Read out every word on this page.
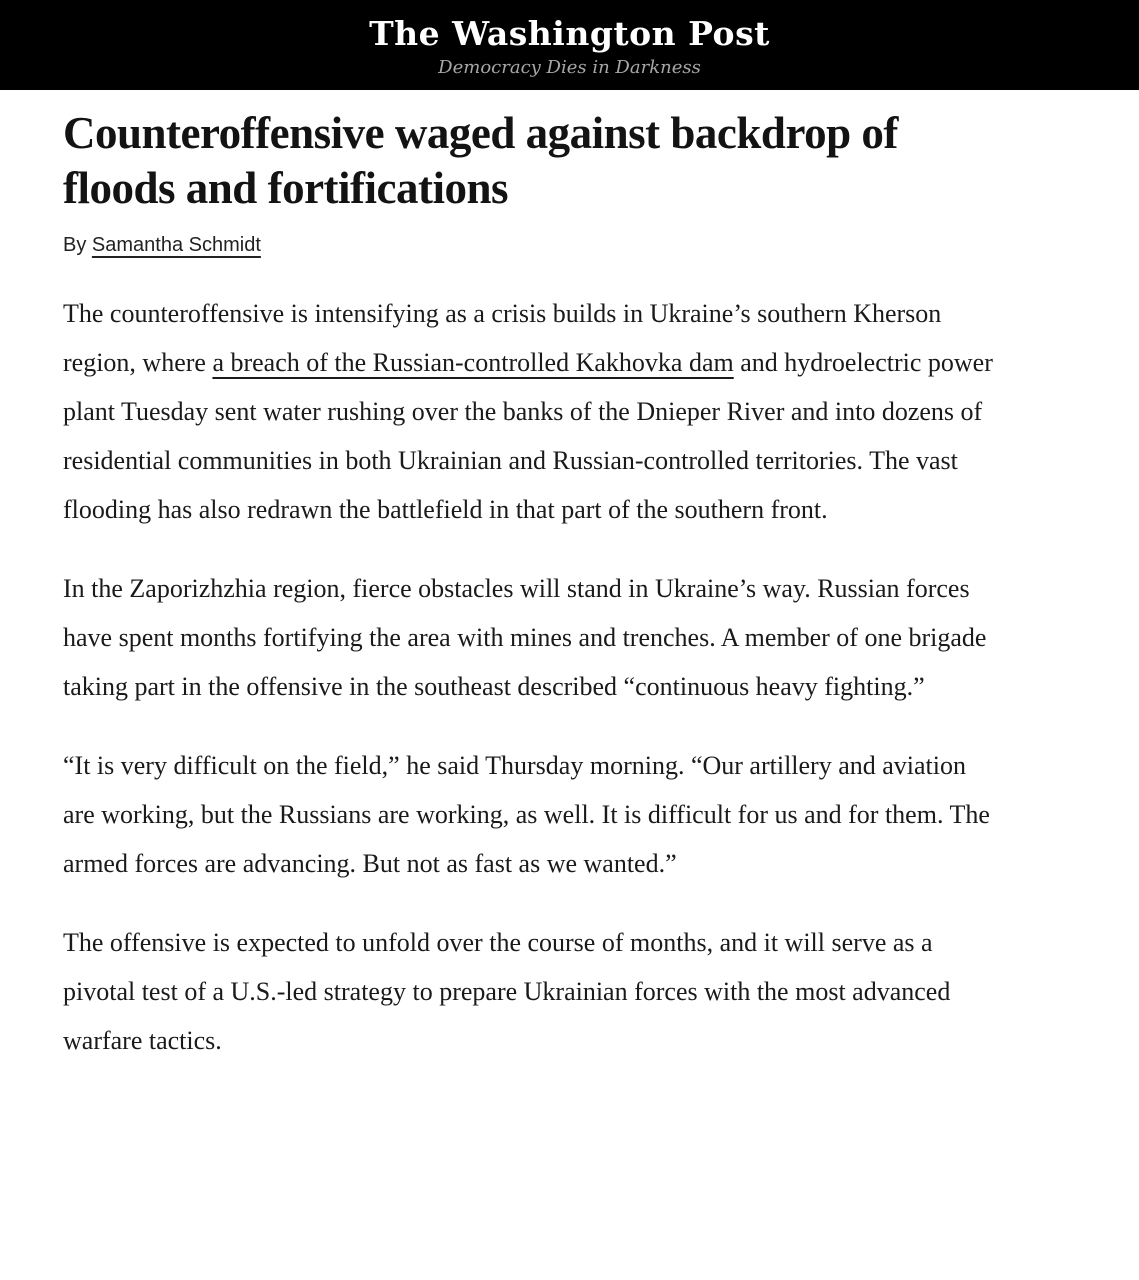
The Washington Post
Democracy Dies in Darkness
Counteroffensive waged against backdrop of
floods and fortifications
By Samantha Schmidt

The counteroffensive is intensifying as a crisis builds in Ukraine’s southern Kherson region, where a breach of the Russian-controlled Kakhovka dam and hydroelectric power plant Tuesday sent water rushing over the banks of the Dnieper River and into dozens of residential communities in both Ukrainian and Russian-controlled territories. The vast flooding has also redrawn the battlefield in that part of the southern front.

In the Zaporizhzhia region, fierce obstacles will stand in Ukraine’s way. Russian forces have spent months fortifying the area with mines and trenches. A member of one brigade taking part in the offensive in the southeast described “continuous heavy fighting.”

“It is very difficult on the field,” he said Thursday morning. “Our artillery and aviation are working, but the Russians are working, as well. It is difficult for us and for them. The armed forces are advancing. But not as fast as we wanted.”

The offensive is expected to unfold over the course of months, and it will serve as a pivotal test of a U.S.-led strategy to prepare Ukrainian forces with the most advanced warfare tactics.
